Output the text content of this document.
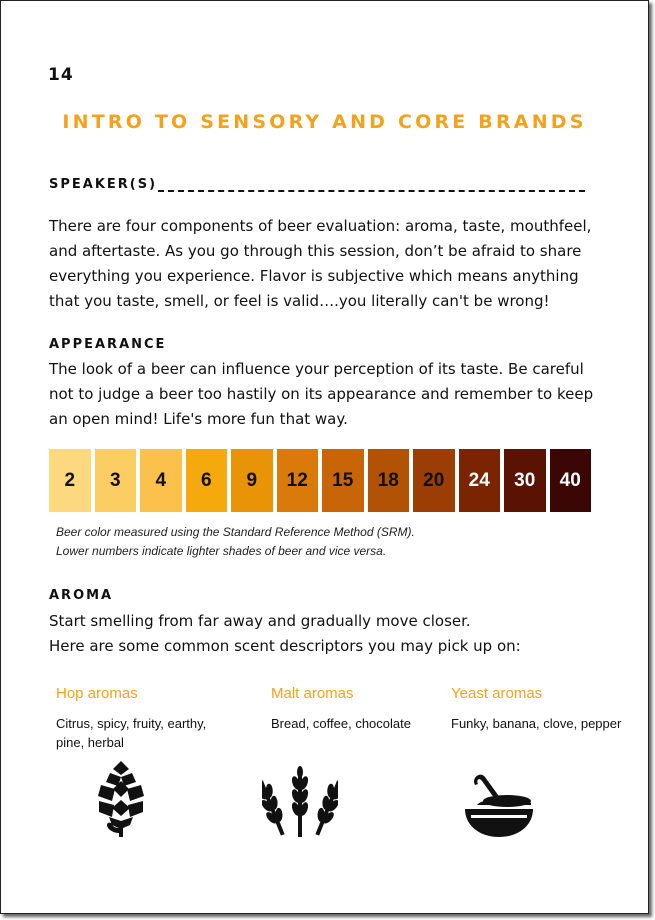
14
INTRO TO SENSORY AND CORE BRANDS
SPEAKER(S)
There are four components of beer evaluation: aroma, taste, mouthfeel, and aftertaste. As you go through this session, don’t be afraid to share everything you experience. Flavor is subjective which means anything that you taste, smell, or feel is valid….you literally can't be wrong!
APPEARANCE
The look of a beer can influence your perception of its taste. Be careful not to judge a beer too hastily on its appearance and remember to keep an open mind! Life's more fun that way.
2	3	4	6	9	12	15	18	20	24	30	40
Beer color measured using the Standard Reference Method (SRM).
Lower numbers indicate lighter shades of beer and vice versa.
AROMA
Start smelling from far away and gradually move closer.
Here are some common scent descriptors you may pick up on:
Hop aromas
Citrus, spicy, fruity, earthy, pine, herbal
Malt aromas
Bread, coffee, chocolate
Yeast aromas
Funky, banana, clove, pepper
